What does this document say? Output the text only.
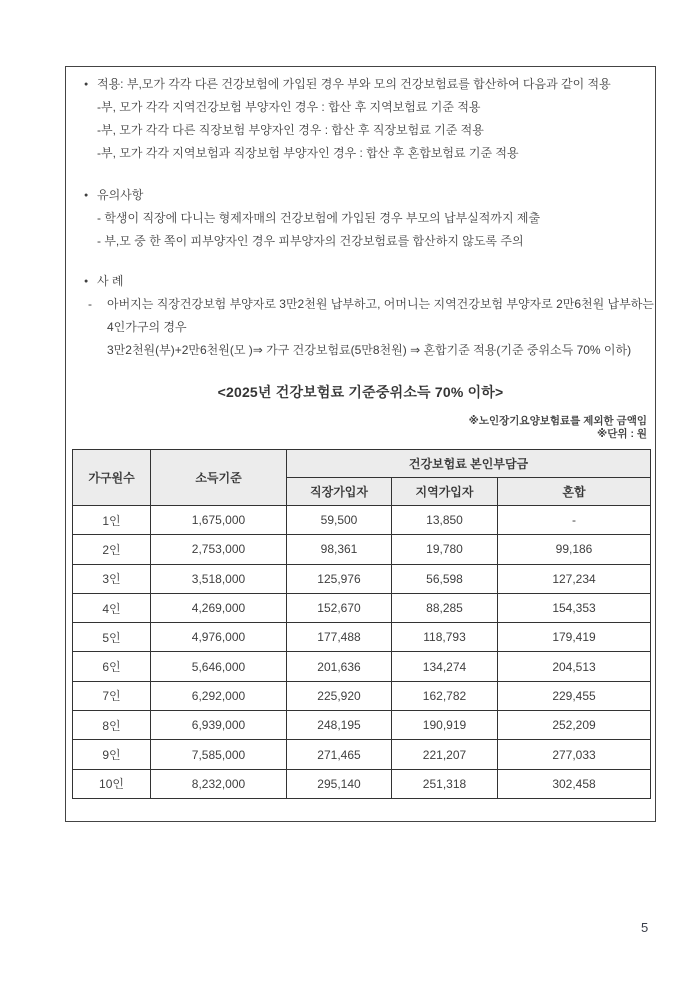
● 적용: 부,모가 각각 다른 건강보험에 가입된 경우 부와 모의 건강보험료를 합산하여 다음과 같이 적용
-부, 모가 각각 지역건강보험 부양자인 경우 : 합산 후 지역보험료 기준 적용
-부, 모가 각각 다른 직장보험 부양자인 경우 : 합산 후 직장보험료 기준 적용
-부, 모가 각각 지역보험과 직장보험 부양자인 경우 : 합산 후 혼합보험료 기준 적용
● 유의사항
- 학생이 직장에 다니는 형제자매의 건강보험에 가입된 경우 부모의 납부실적까지 제출
- 부,모 중 한 쪽이 피부양자인 경우 피부양자의 건강보험료를 합산하지 않도록 주의
● 사 례
-	아버지는 직장건강보험 부양자로 3만2천원 납부하고, 어머니는 지역건강보험 부양자로 2만6천원 납부하는
4인가구의 경우
3만2천원(부)+2만6천원(모 )⇒ 가구 건강보험료(5만8천원) ⇒ 혼합기준 적용(기준 중위소득 70% 이하)
<2025년 건강보험료 기준중위소득 70% 이하>
※노인장기요양보험료를 제외한 금액임
※단위 : 원
가구원수	소득기준	건강보험료 본인부담금		
		직장가입자	지역가입자	혼합
1인	1,675,000	59,500	13,850	-
2인	2,753,000	98,361	19,780	99,186
3인	3,518,000	125,976	56,598	127,234
4인	4,269,000	152,670	88,285	154,353
5인	4,976,000	177,488	118,793	179,419
6인	5,646,000	201,636	134,274	204,513
7인	6,292,000	225,920	162,782	229,455
8인	6,939,000	248,195	190,919	252,209
9인	7,585,000	271,465	221,207	277,033
10인	8,232,000	295,140	251,318	302,458
5
